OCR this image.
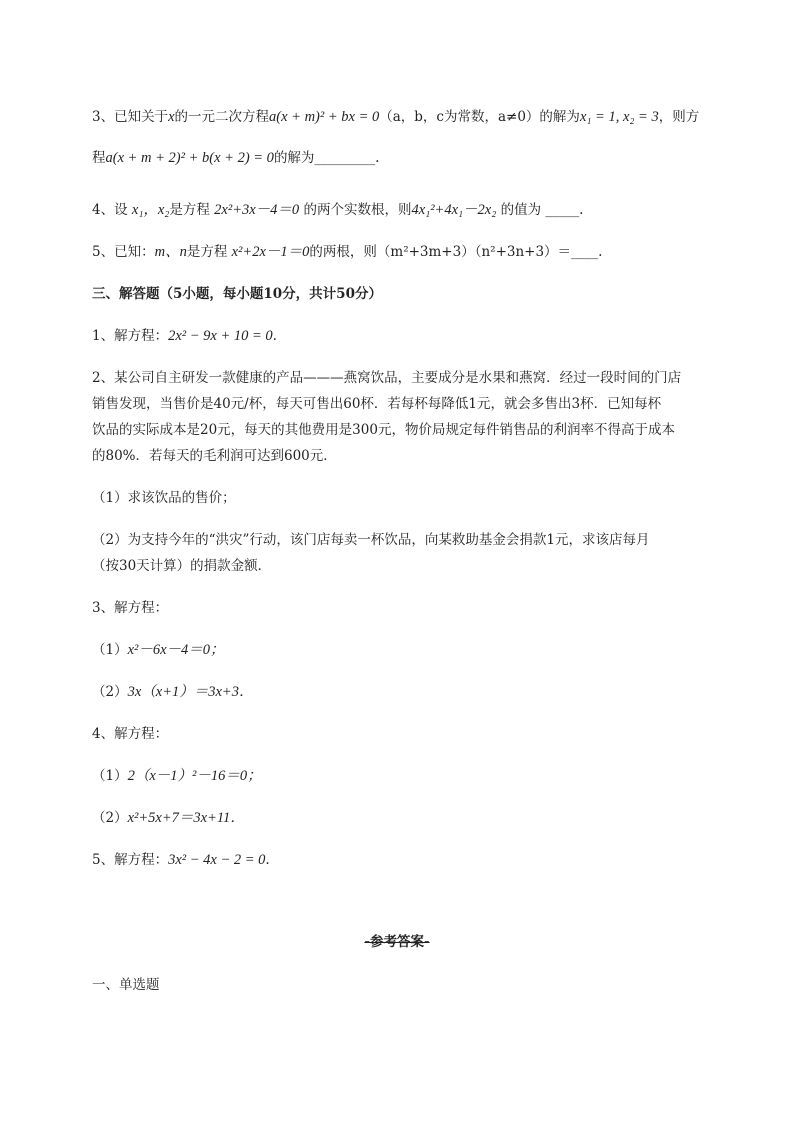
3、已知关于x的一元二次方程a(x + m)² + bx = 0（a，b，c为常数，a≠0）的解为x₁ = 1, x₂ = 3，则方
程a(x + m + 2)² + b(x + 2) = 0的解为_________.
4、设 x₁，x₂是方程 2x²+3x－4＝0 的两个实数根，则4x₁²+4x₁－2x₂ 的值为 _____.
5、已知：m、n是方程 x²+2x－1＝0的两根，则（m²+3m+3）（n²+3n+3）＝____.
三、解答题（5小题，每小题10分，共计50分）
1、解方程：2x² − 9x + 10 = 0.
2、某公司自主研发一款健康的产品———燕窝饮品，主要成分是水果和燕窝．经过一段时间的门店
销售发现，当售价是40元/杯，每天可售出60杯．若每杯每降低1元，就会多售出3杯．已知每杯
饮品的实际成本是20元，每天的其他费用是300元，物价局规定每件销售品的利润率不得高于成本
的80%．若每天的毛利润可达到600元．
（1）求该饮品的售价；
（2）为支持今年的“洪灾”行动，该门店每卖一杯饮品，向某救助基金会捐款1元，求该店每月
（按30天计算）的捐款金额．
3、解方程：
（1）x²－6x－4＝0；
（2）3x（x+1）＝3x+3．
4、解方程：
（1）2（x－1）²－16＝0；
（2）x²+5x+7＝3x+11．
5、解方程：3x² − 4x − 2 = 0.
-参考答案-
一、单选题
